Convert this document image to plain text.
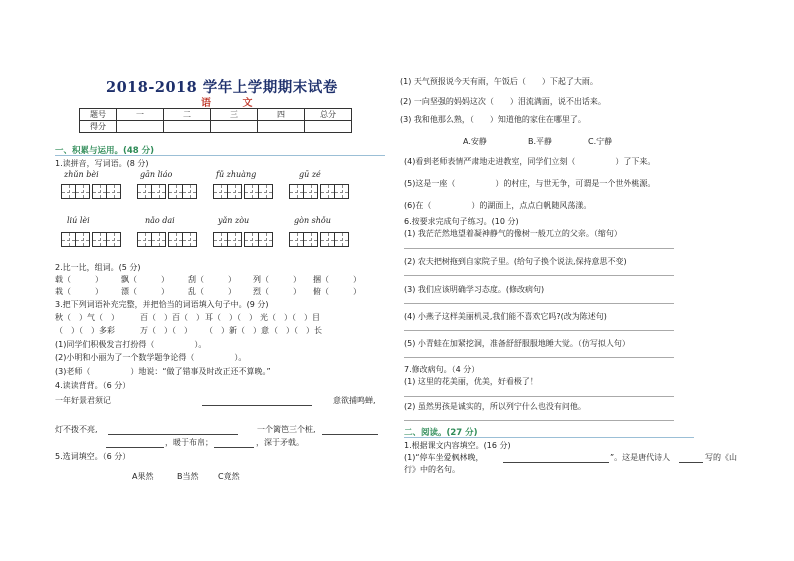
2018-2018 学年上学期期末试卷
语 文
题号	一	二	三	四	总分
得分					
一、积累与运用。(48 分)
1.读拼音，写词语。(8 分)
zhǔn bèi	gān liáo	fǔ zhuàng	gū zé
liú lèi	nǎo dai	yǎn zòu	gòn shǒu
2.比一比，组词。(5 分)
载（　　　） 飘（　　　） 刮（　　　） 列（　　　） 捆（　　　）
栽（　　　） 漂（　　　） 乱（　　　） 烈（　　　） 俯（　　　）
3.把下列词语补充完整，并把恰当的词语填入句子中。(9 分)
秋（　）气（　）	百（　）百（　） 耳（　）（　） 光（　）（　）目
（　）（　）多彩	万（　）（　） （　）新（　）意 （　）（　）长
(1)同学们积极发言打扮得（　　　　　）。
(2)小明和小丽为了一个数学题争论得（　　　　　）。
(3)老师（　　　　　）地说：“做了错事及时改正还不算晚。”
4.读读背背。（6 分）
一年好景君须记	意欲捕鸣蝉,
灯不拨不亮,	一个篱笆三个桩,
，暖于布帛；	，深于矛戟。
5.选词填空。（6 分）
A果然	B当然 C竟然
(1) 天气预报说今天有雨，午饭后（　　）下起了大雨。
(2) 一向坚强的妈妈这次（　　）泪流满面，说不出话来。
(3) 我和他那么熟，（　　）知道他的家住在哪里了。
A.安静	B.平静	C.宁静
(4)看到老师表情严肃地走进教室，同学们立刻（　　　　　）了下来。
(5)这是一座（　　　　　）的村庄，与世无争，可谓是一个世外桃源。
(6)在（　　　　　）的湖面上，点点白帆随风荡漾。
6.按要求完成句子练习。(10 分)
(1) 我茫茫然地望着凝神静气的像树一般兀立的父亲。（缩句）
(2) 农夫把树拖到自家院子里。(给句子换个说法,保持意思不变)
(3) 我们应该明确学习态度。(修改病句)
(4) 小燕子这样美丽机灵,我们能不喜欢它吗?(改为陈述句)
(5) 小青蛙在加紧挖洞，准备舒舒服服地睡大觉。（仿写拟人句）
7.修改病句。（4 分）
(1) 这里的花美丽，优美，好看极了！
(2) 虽然男孩是诚实的，所以列宁什么也没有问他。
二、阅读。(27 分)
1.根据课文内容填空。(16 分)
(1)“停车坐爱枫林晚，	”。这是唐代诗人	写的《山
行》中的名句。
